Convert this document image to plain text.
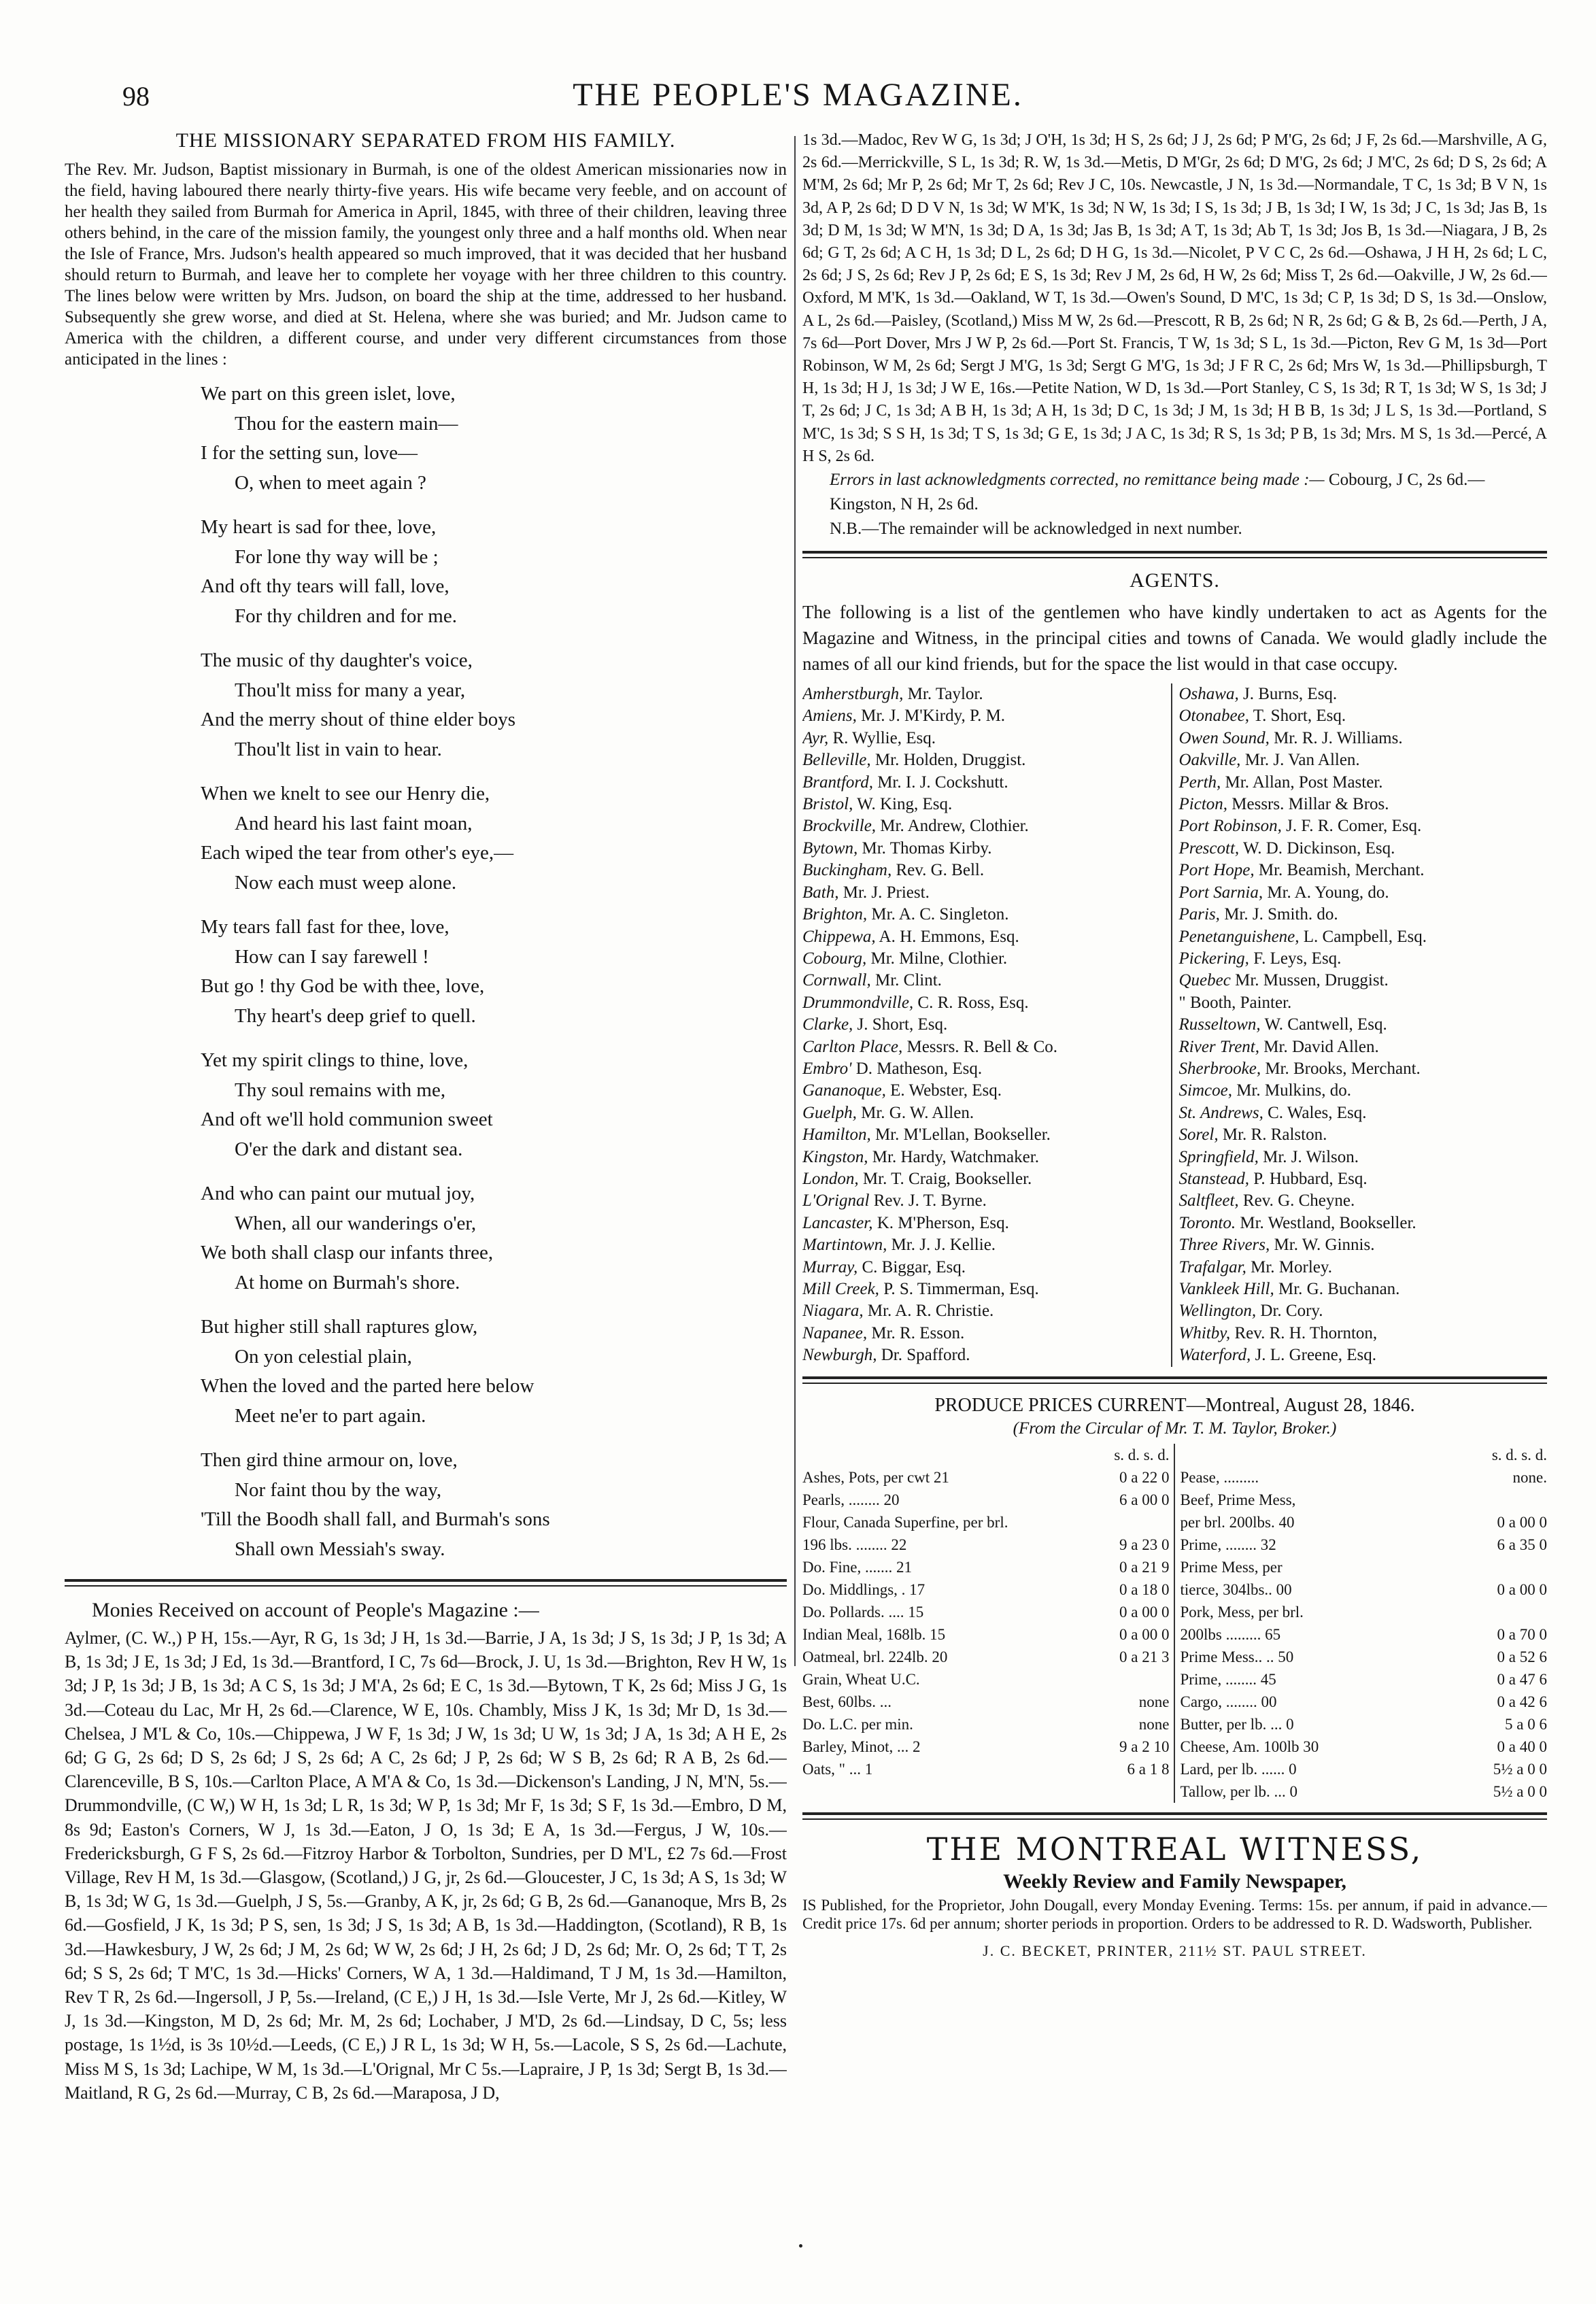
98	THE PEOPLE'S MAGAZINE.
THE MISSIONARY SEPARATED FROM HIS FAMILY.
The Rev. Mr. Judson, Baptist missionary in Burmah, is one of the oldest American missionaries now in the field, having laboured there nearly thirty-five years. His wife became very feeble, and on account of her health they sailed from Burmah for America in April, 1845, with three of their children, leaving three others behind, in the care of the mission family, the youngest only three and a half months old. When near the Isle of France, Mrs. Judson's health appeared so much improved, that it was decided that her husband should return to Burmah, and leave her to complete her voyage with her three children to this country. The lines below were written by Mrs. Judson, on board the ship at the time, addressed to her husband. Subsequently she grew worse, and died at St. Helena, where she was buried; and Mr. Judson came to America with the children, a different course, and under very different circumstances from those anticipated in the lines :
We part on this green islet, love,
Thou for the eastern main—
I for the setting sun, love—
O, when to meet again ?
My heart is sad for thee, love,
For lone thy way will be ;
And oft thy tears will fall, love,
For thy children and for me.
The music of thy daughter's voice,
Thou'lt miss for many a year,
And the merry shout of thine elder boys
Thou'lt list in vain to hear.
When we knelt to see our Henry die,
And heard his last faint moan,
Each wiped the tear from other's eye,—
Now each must weep alone.
My tears fall fast for thee, love,
How can I say farewell !
But go ! thy God be with thee, love,
Thy heart's deep grief to quell.
Yet my spirit clings to thine, love,
Thy soul remains with me,
And oft we'll hold communion sweet
O'er the dark and distant sea.
And who can paint our mutual joy,
When, all our wanderings o'er,
We both shall clasp our infants three,
At home on Burmah's shore.
But higher still shall raptures glow,
On yon celestial plain,
When the loved and the parted here below
Meet ne'er to part again.
Then gird thine armour on, love,
Nor faint thou by the way,
'Till the Boodh shall fall, and Burmah's sons
Shall own Messiah's sway.
Monies Received on account of People's Magazine :—
Aylmer, (C. W.,) P H, 15s.—Ayr, R G, 1s 3d; J H, 1s 3d.—Barrie, J A, 1s 3d; J S, 1s 3d; J P, 1s 3d; A B, 1s 3d; J E, 1s 3d; J Ed, 1s 3d.—Brantford, I C, 7s 6d—Brock, J. U, 1s 3d.—Brighton, Rev H W, 1s 3d; J P, 1s 3d; J B, 1s 3d; A C S, 1s 3d; J M'A, 2s 6d; E C, 1s 3d.—Bytown, T K, 2s 6d; Miss J G, 1s 3d.—Coteau du Lac, Mr H, 2s 6d.—Clarence, W E, 10s. Chambly, Miss J K, 1s 3d; Mr D, 1s 3d.—Chelsea, J M'L & Co, 10s.—Chippewa, J W F, 1s 3d; J W, 1s 3d; U W, 1s 3d; J A, 1s 3d; A H E, 2s 6d; G G, 2s 6d; D S, 2s 6d; J S, 2s 6d; A C, 2s 6d; J P, 2s 6d; W S B, 2s 6d; R A B, 2s 6d.—Clarenceville, B S, 10s.—Carlton Place, A M'A & Co, 1s 3d.—Dickenson's Landing, J N, M'N, 5s.—Drummondville, (C W,) W H, 1s 3d; L R, 1s 3d; W P, 1s 3d; Mr F, 1s 3d; S F, 1s 3d.—Embro, D M, 8s 9d; Easton's Corners, W J, 1s 3d.—Eaton, J O, 1s 3d; E A, 1s 3d.—Fergus, J W, 10s.—Fredericksburgh, G F S, 2s 6d.—Fitzroy Harbor & Torbolton, Sundries, per D M'L, £2 7s 6d.—Frost Village, Rev H M, 1s 3d.—Glasgow, (Scotland,) J G, jr, 2s 6d.—Gloucester, J C, 1s 3d; A S, 1s 3d; W B, 1s 3d; W G, 1s 3d.—Guelph, J S, 5s.—Granby, A K, jr, 2s 6d; G B, 2s 6d.—Gananoque, Mrs B, 2s 6d.—Gosfield, J K, 1s 3d; P S, sen, 1s 3d; J S, 1s 3d; A B, 1s 3d.—Haddington, (Scotland), R B, 1s 3d.—Hawkesbury, J W, 2s 6d; J M, 2s 6d; W W, 2s 6d; J H, 2s 6d; J D, 2s 6d; Mr. O, 2s 6d; T T, 2s 6d; S S, 2s 6d; T M'C, 1s 3d.—Hicks' Corners, W A, 1 3d.—Haldimand, T J M, 1s 3d.—Hamilton, Rev T R, 2s 6d.—Ingersoll, J P, 5s.—Ireland, (C E,) J H, 1s 3d.—Isle Verte, Mr J, 2s 6d.—Kitley, W J, 1s 3d.—Kingston, M D, 2s 6d; Mr. M, 2s 6d; Lochaber, J M'D, 2s 6d.—Lindsay, D C, 5s; less postage, 1s 1½d, is 3s 10½d.—Leeds, (C E,) J R L, 1s 3d; W H, 5s.—Lacole, S S, 2s 6d.—Lachute, Miss M S, 1s 3d; Lachipe, W M, 1s 3d.—L'Orignal, Mr C 5s.—Lapraire, J P, 1s 3d; Sergt B, 1s 3d.—Maitland, R G, 2s 6d.—Murray, C B, 2s 6d.—Maraposa, J D,
1s 3d.—Madoc, Rev W G, 1s 3d; J O'H, 1s 3d; H S, 2s 6d; J J, 2s 6d; P M'G, 2s 6d; J F, 2s 6d.—Marshville, A G, 2s 6d.—Merrickville, S L, 1s 3d; R. W, 1s 3d.—Metis, D M'Gr, 2s 6d; D M'G, 2s 6d; J M'C, 2s 6d; D S, 2s 6d; A M'M, 2s 6d; Mr P, 2s 6d; Mr T, 2s 6d; Rev J C, 10s. Newcastle, J N, 1s 3d.—Normandale, T C, 1s 3d; B V N, 1s 3d, A P, 2s 6d; D D V N, 1s 3d; W M'K, 1s 3d; N W, 1s 3d; I S, 1s 3d; J B, 1s 3d; I W, 1s 3d; J C, 1s 3d; Jas B, 1s 3d; D M, 1s 3d; W M'N, 1s 3d; D A, 1s 3d; Jas B, 1s 3d; A T, 1s 3d; Ab T, 1s 3d; Jos B, 1s 3d.—Niagara, J B, 2s 6d; G T, 2s 6d; A C H, 1s 3d; D L, 2s 6d; D H G, 1s 3d.—Nicolet, P V C C, 2s 6d.—Oshawa, J H H, 2s 6d; L C, 2s 6d; J S, 2s 6d; Rev J P, 2s 6d; E S, 1s 3d; Rev J M, 2s 6d, H W, 2s 6d; Miss T, 2s 6d.—Oakville, J W, 2s 6d.—Oxford, M M'K, 1s 3d.—Oakland, W T, 1s 3d.—Owen's Sound, D M'C, 1s 3d; C P, 1s 3d; D S, 1s 3d.—Onslow, A L, 2s 6d.—Paisley, (Scotland,) Miss M W, 2s 6d.—Prescott, R B, 2s 6d; N R, 2s 6d; G & B, 2s 6d.—Perth, J A, 7s 6d—Port Dover, Mrs J W P, 2s 6d.—Port St. Francis, T W, 1s 3d; S L, 1s 3d.—Picton, Rev G M, 1s 3d—Port Robinson, W M, 2s 6d; Sergt J M'G, 1s 3d; Sergt G M'G, 1s 3d; J F R C, 2s 6d; Mrs W, 1s 3d.—Phillipsburgh, T H, 1s 3d; H J, 1s 3d; J W E, 16s.—Petite Nation, W D, 1s 3d.—Port Stanley, C S, 1s 3d; R T, 1s 3d; W S, 1s 3d; J T, 2s 6d; J C, 1s 3d; A B H, 1s 3d; A H, 1s 3d; D C, 1s 3d; J M, 1s 3d; H B B, 1s 3d; J L S, 1s 3d.—Portland, S M'C, 1s 3d; S S H, 1s 3d; T S, 1s 3d; G E, 1s 3d; J A C, 1s 3d; R S, 1s 3d; P B, 1s 3d; Mrs. M S, 1s 3d.—Percé, A H S, 2s 6d.
Errors in last acknowledgments corrected, no remittance being made :— Cobourg, J C, 2s 6d.—Kingston, N H, 2s 6d.
N.B.—The remainder will be acknowledged in next number.
AGENTS.
The following is a list of the gentlemen who have kindly undertaken to act as Agents for the Magazine and Witness, in the principal cities and towns of Canada. We would gladly include the names of all our kind friends, but for the space the list would in that case occupy.
Amherstburgh, Mr. Taylor.
Amiens, Mr. J. M'Kirdy, P. M.
Ayr, R. Wyllie, Esq.
Belleville, Mr. Holden, Druggist.
Brantford, Mr. I. J. Cockshutt.
Bristol, W. King, Esq.
Brockville, Mr. Andrew, Clothier.
Bytown, Mr. Thomas Kirby.
Buckingham, Rev. G. Bell.
Bath, Mr. J. Priest.
Brighton, Mr. A. C. Singleton.
Chippewa, A. H. Emmons, Esq.
Cobourg, Mr. Milne, Clothier.
Cornwall, Mr. Clint.
Drummondville, C. R. Ross, Esq.
Clarke, J. Short, Esq.
Carlton Place, Messrs. R. Bell & Co.
Embro' D. Matheson, Esq.
Gananoque, E. Webster, Esq.
Guelph, Mr. G. W. Allen.
Hamilton, Mr. M'Lellan, Bookseller.
Kingston, Mr. Hardy, Watchmaker.
London, Mr. T. Craig, Bookseller.
L'Orignal Rev. J. T. Byrne.
Lancaster, K. M'Pherson, Esq.
Martintown, Mr. J. J. Kellie.
Murray, C. Biggar, Esq.
Mill Creek, P. S. Timmerman, Esq.
Niagara, Mr. A. R. Christie.
Napanee, Mr. R. Esson.
Newburgh, Dr. Spafford.
Oshawa, J. Burns, Esq.
Otonabee, T. Short, Esq.
Owen Sound, Mr. R. J. Williams.
Oakville, Mr. J. Van Allen.
Perth, Mr. Allan, Post Master.
Picton, Messrs. Millar & Bros.
Port Robinson, J. F. R. Comer, Esq.
Prescott, W. D. Dickinson, Esq.
Port Hope, Mr. Beamish, Merchant.
Port Sarnia, Mr. A. Young, do.
Paris, Mr. J. Smith. do.
Penetanguishene, L. Campbell, Esq.
Pickering, F. Leys, Esq.
Quebec Mr. Mussen, Druggist.
" Booth, Painter.
Russeltown, W. Cantwell, Esq.
River Trent, Mr. David Allen.
Sherbrooke, Mr. Brooks, Merchant.
Simcoe, Mr. Mulkins, do.
St. Andrews, C. Wales, Esq.
Sorel, Mr. R. Ralston.
Springfield, Mr. J. Wilson.
Stanstead, P. Hubbard, Esq.
Saltfleet, Rev. G. Cheyne.
Toronto. Mr. Westland, Bookseller.
Three Rivers, Mr. W. Ginnis.
Trafalgar, Mr. Morley.
Vankleek Hill, Mr. G. Buchanan.
Wellington, Dr. Cory.
Whitby, Rev. R. H. Thornton,
Waterford, J. L. Greene, Esq.
PRODUCE PRICES CURRENT—Montreal, August 28, 1846.
(From the Circular of Mr. T. M. Taylor, Broker.)
s. d. s. d.
Ashes, Pots, per cwt 21	0 a 22 0
Pearls, ........ 20	6 a 00 0
Flour, Canada Superfine, per brl.
196 lbs. ........ 22	9 a 23 0
Do. Fine, ....... 21	0 a 21 9
Do. Middlings, . 17	0 a 18 0
Do. Pollards. .... 15	0 a 00 0
Indian Meal, 168lb. 15	0 a 00 0
Oatmeal, brl. 224lb. 20	0 a 21 3
Grain, Wheat U.C.
Best, 60lbs. ...	none
Do. L.C. per min.	none
Barley, Minot, ... 2	9 a 2 10
Oats, " ... 1	6 a 1 8
s. d. s. d.
Pease, .........	none.
Beef, Prime Mess,
per brl. 200lbs. 40	0 a 00 0
Prime, ........ 32	6 a 35 0
Prime Mess, per
tierce, 304lbs.. 00	0 a 00 0
Pork, Mess, per brl.
200lbs ......... 65	0 a 70 0
Prime Mess.. .. 50	0 a 52 6
Prime, ........ 45	0 a 47 6
Cargo, ........ 00	0 a 42 6
Butter, per lb. ... 0	5 a 0 6
Cheese, Am. 100lb 30	0 a 40 0
Lard, per lb. ...... 0	5½ a 0 0
Tallow, per lb. ... 0	5½ a 0 0
THE MONTREAL WITNESS,
Weekly Review and Family Newspaper,
IS Published, for the Proprietor, John Dougall, every Monday Evening. Terms: 15s. per annum, if paid in advance.—Credit price 17s. 6d per annum; shorter periods in proportion. Orders to be addressed to R. D. Wadsworth, Publisher.
J. C. BECKET, PRINTER, 211½ ST. PAUL STREET.
